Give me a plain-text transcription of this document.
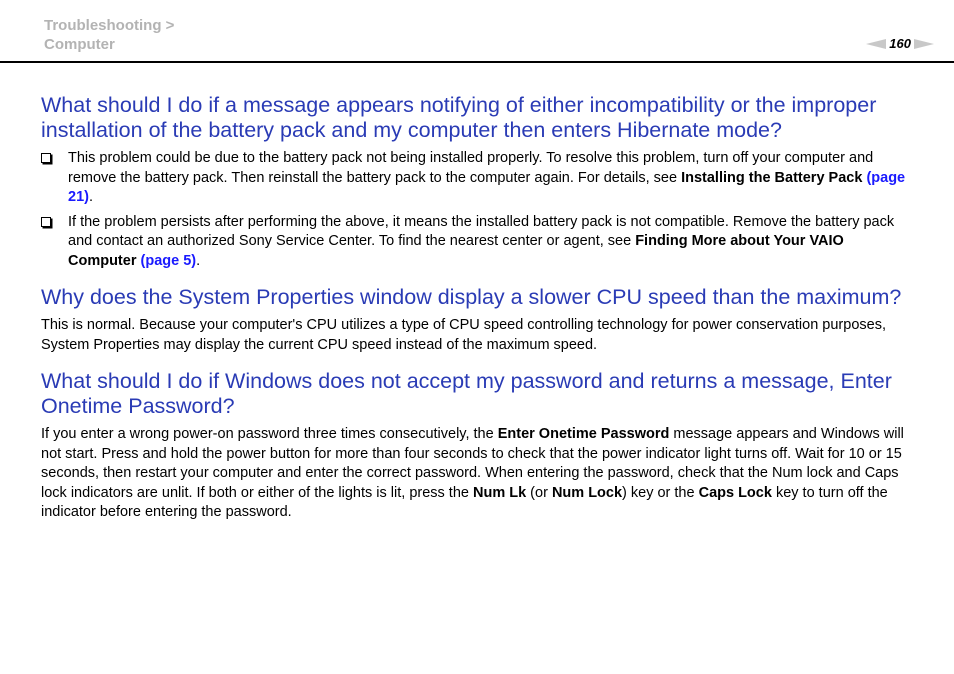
Troubleshooting >
Computer	160
What should I do if a message appears notifying of either incompatibility or the improper installation of the battery pack and my computer then enters Hibernate mode?
This problem could be due to the battery pack not being installed properly. To resolve this problem, turn off your computer and remove the battery pack. Then reinstall the battery pack to the computer again. For details, see Installing the Battery Pack (page 21).
If the problem persists after performing the above, it means the installed battery pack is not compatible. Remove the battery pack and contact an authorized Sony Service Center. To find the nearest center or agent, see Finding More about Your VAIO Computer (page 5).
Why does the System Properties window display a slower CPU speed than the maximum?

This is normal. Because your computer's CPU utilizes a type of CPU speed controlling technology for power conservation purposes, System Properties may display the current CPU speed instead of the maximum speed.

What should I do if Windows does not accept my password and returns a message, Enter Onetime Password?

If you enter a wrong power-on password three times consecutively, the Enter Onetime Password message appears and Windows will not start. Press and hold the power button for more than four seconds to check that the power indicator light turns off. Wait for 10 or 15 seconds, then restart your computer and enter the correct password. When entering the password, check that the Num lock and Caps lock indicators are unlit. If both or either of the lights is lit, press the Num Lk (or Num Lock) key or the Caps Lock key to turn off the indicator before entering the password.
